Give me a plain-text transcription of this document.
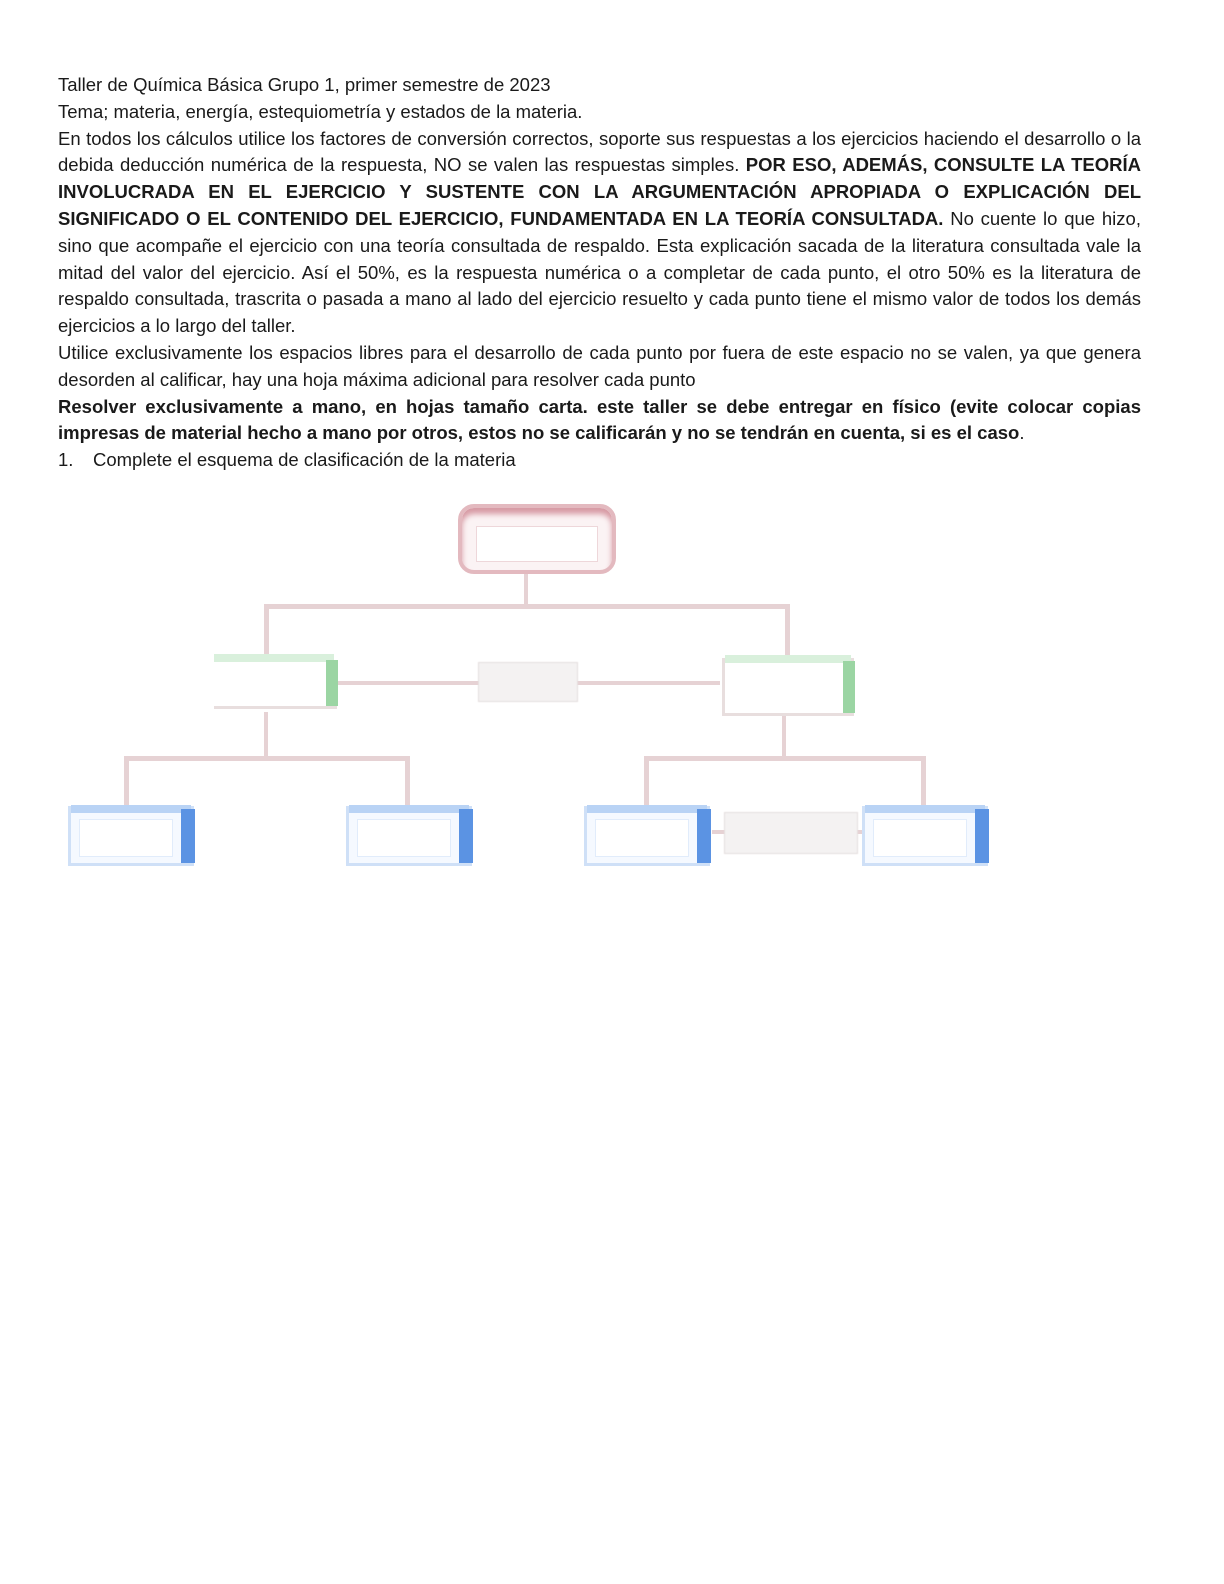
Taller de Química Básica Grupo 1, primer semestre de 2023

Tema; materia, energía, estequiometría y estados de la materia.

En todos los cálculos utilice los factores de conversión correctos, soporte sus respuestas a los ejercicios haciendo el desarrollo o la debida deducción numérica de la respuesta, NO se valen las respuestas simples. POR ESO, ADEMÁS, CONSULTE LA TEORÍA INVOLUCRADA EN EL EJERCICIO Y SUSTENTE CON LA ARGUMENTACIÓN APROPIADA O EXPLICACIÓN DEL SIGNIFICADO O EL CONTENIDO DEL EJERCICIO, FUNDAMENTADA EN LA TEORÍA CONSULTADA. No cuente lo que hizo, sino que acompañe el ejercicio con una teoría consultada de respaldo. Esta explicación sacada de la literatura consultada vale la mitad del valor del ejercicio. Así el 50%, es la respuesta numérica o a completar de cada punto, el otro 50% es la literatura de respaldo consultada, trascrita o pasada a mano al lado del ejercicio resuelto y cada punto tiene el mismo valor de todos los demás ejercicios a lo largo del taller.

Utilice exclusivamente los espacios libres para el desarrollo de cada punto por fuera de este espacio no se valen, ya que genera desorden al calificar, hay una hoja máxima adicional para resolver cada punto

Resolver exclusivamente a mano, en hojas tamaño carta. este taller se debe entregar en físico (evite colocar copias impresas de material hecho a mano por otros, estos no se calificarán y no se tendrán en cuenta, si es el caso.

1. Complete el esquema de clasificación de la materia
